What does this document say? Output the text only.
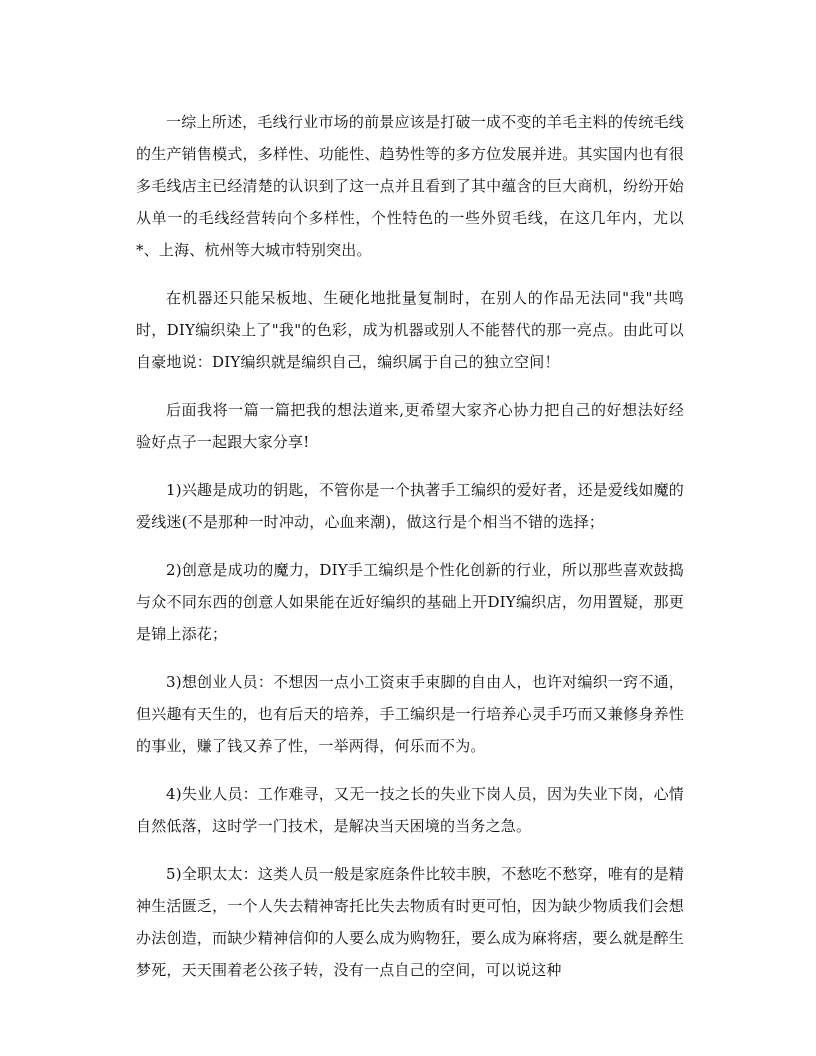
一综上所述，毛线行业市场的前景应该是打破一成不变的羊毛主料的传统毛线的生产销售模式，多样性、功能性、趋势性等的多方位发展并进。其实国内也有很多毛线店主已经清楚的认识到了这一点并且看到了其中蕴含的巨大商机，纷纷开始从单一的毛线经营转向个多样性，个性特色的一些外贸毛线，在这几年内，尤以*、上海、杭州等大城市特别突出。

在机器还只能呆板地、生硬化地批量复制时，在别人的作品无法同"我"共鸣时，DIY编织染上了"我"的色彩，成为机器或别人不能替代的那一亮点。由此可以自豪地说：DIY编织就是编织自己，编织属于自己的独立空间！

后面我将一篇一篇把我的想法道来,更希望大家齐心协力把自己的好想法好经验好点子一起跟大家分享!

1)兴趣是成功的钥匙，不管你是一个执著手工编织的爱好者，还是爱线如魔的爱线迷(不是那种一时冲动，心血来潮)，做这行是个相当不错的选择；

2)创意是成功的魔力，DIY手工编织是个性化创新的行业，所以那些喜欢鼓捣与众不同东西的创意人如果能在近好编织的基础上开DIY编织店，勿用置疑，那更是锦上添花；

3)想创业人员：不想因一点小工资束手束脚的自由人，也许对编织一窍不通，但兴趣有天生的，也有后天的培养，手工编织是一行培养心灵手巧而又兼修身养性的事业，赚了钱又养了性，一举两得，何乐而不为。

4)失业人员：工作难寻，又无一技之长的失业下岗人员，因为失业下岗，心情自然低落，这时学一门技术，是解决当天困境的当务之急。

5)全职太太：这类人员一般是家庭条件比较丰腴，不愁吃不愁穿，唯有的是精神生活匮乏，一个人失去精神寄托比失去物质有时更可怕，因为缺少物质我们会想办法创造，而缺少精神信仰的人要么成为购物狂，要么成为麻将痞，要么就是醉生梦死，天天围着老公孩子转，没有一点自己的空间，可以说这种
